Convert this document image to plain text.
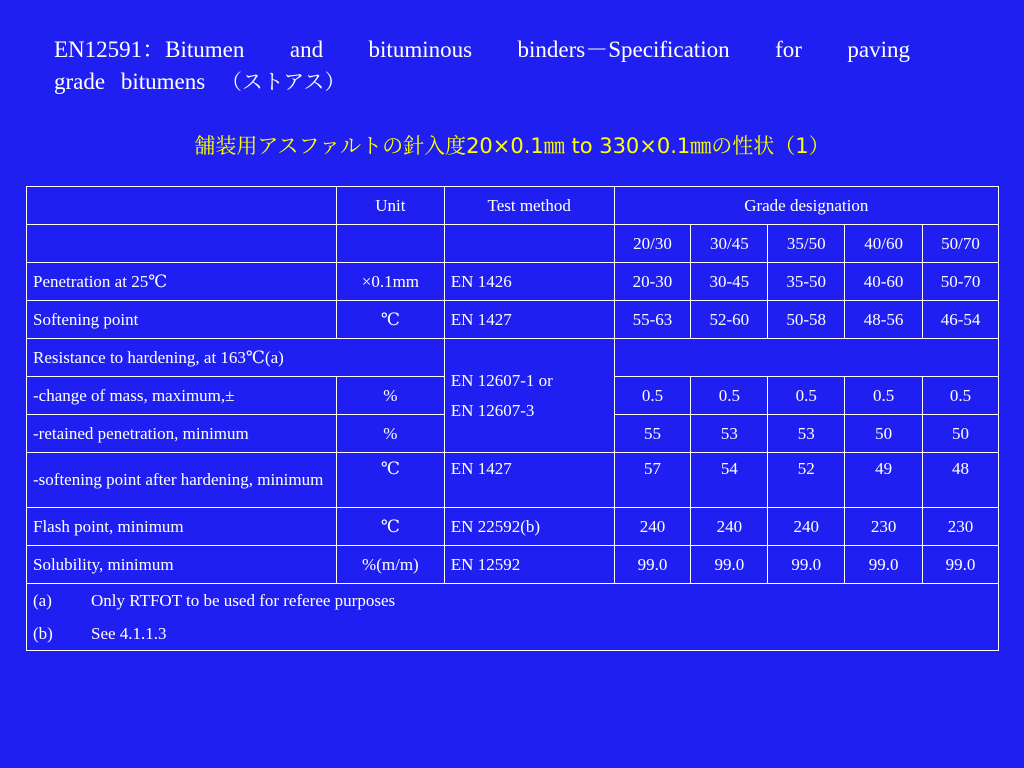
EN12591：Bitumen and bituminous binders－Specification for paving
grade bitumens （ストアス）
舗装用アスファルトの針入度20×0.1㎜ to 330×0.1㎜の性状（1）
	Unit	Test method	Grade designation				
			20/30	30/45	35/50	40/60	50/70
Penetration at 25℃	×0.1mm	EN 1426	20-30	30-45	35-50	40-60	50-70
Softening point	℃	EN 1427	55-63	52-60	50-58	48-56	46-54
Resistance to hardening, at 163℃(a)		EN 12607-1 or
EN 12607-3					

-change of mass, maximum,±	%		0.5	0.5	0.5	0.5	0.5
-retained penetration, minimum	%		55	53	53	50	50
-softening point after hardening, minimum	℃	EN 1427	57	54	52	49	48
Flash point, minimum	℃	EN 22592(b)	240	240	240	230	230
Solubility, minimum	%(m/m)	EN 12592	99.0	99.0	99.0	99.0	99.0

(a) Only RTFOT to be used for referee purposes
(b) See 4.1.1.3							
